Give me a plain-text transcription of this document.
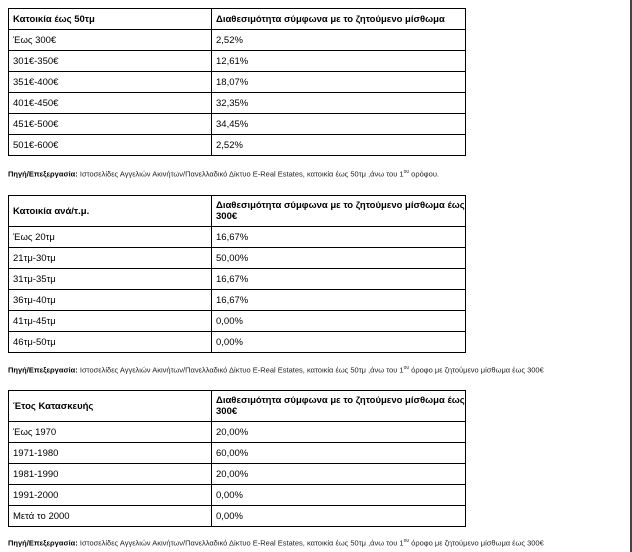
Κατοικία έως 50τμ	Διαθεσιμότητα σύμφωνα με το ζητούμενο μίσθωμα
Έως 300€	2,52%
301€-350€	12,61%
351€-400€	18,07%
401€-450€	32,35%
451€-500€	34,45%
501€-600€	2,52%
Πηγή/Επεξεργασία: Ιστοσελίδες Αγγελιών Ακινήτων/Πανελλαδικό Δίκτυο E-Real Estates, κατοικία έως 50τμ ,άνω του $1^{o\upsilon}$ ορόφου.
Κατοικία ανά/τ.μ.	Διαθεσιμότητα σύμφωνα με το ζητούμενο μίσθωμα έως 300€
Έως 20τμ	16,67%
21τμ-30τμ	50,00%
31τμ-35τμ	16,67%
36τμ-40τμ	16,67%
41τμ-45τμ	0,00%
46τμ-50τμ	0,00%
Πηγή/Επεξεργασία: Ιστοσελίδες Αγγελιών Ακινήτων/Πανελλαδικό Δίκτυο E-Real Estates, κατοικία έως 50τμ ,άνω του $1^{o\upsilon}$ όροφο με ζητούμενο μίσθωμα έως 300€
Έτος Κατασκευής	Διαθεσιμότητα σύμφωνα με το ζητούμενο μίσθωμα έως 300€
Έως 1970	20,00%
1971-1980	60,00%
1981-1990	20,00%
1991-2000	0,00%
Μετά το 2000	0,00%
Πηγή/Επεξεργασία: Ιστοσελίδες Αγγελιών Ακινήτων/Πανελλαδικό Δίκτυο E-Real Estates, κατοικία έως 50τμ ,άνω του $1^{o\upsilon}$ όροφο με ζητούμενο μίσθωμα έως 300€
